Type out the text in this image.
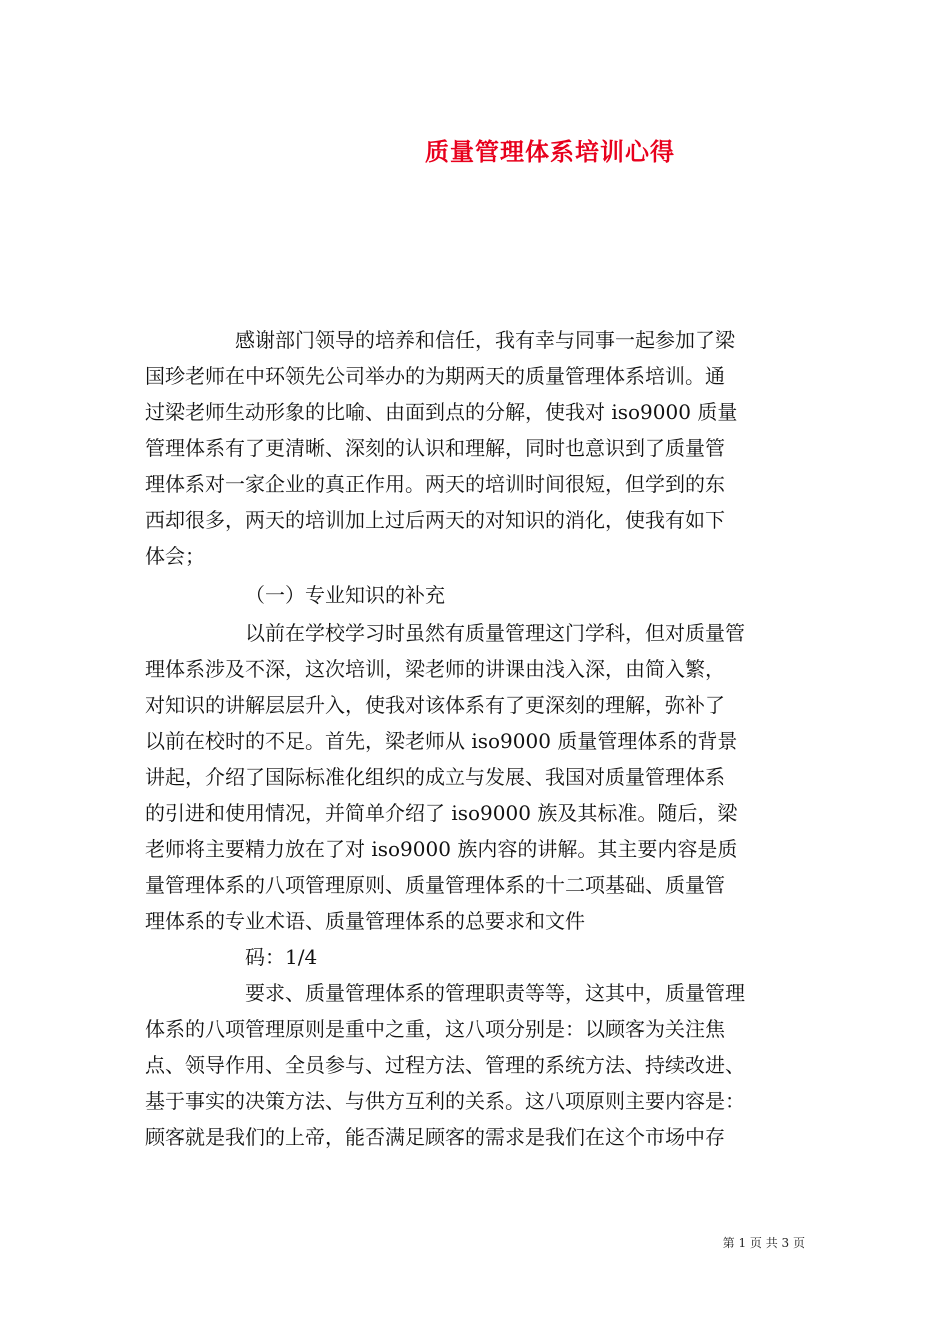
质量管理体系培训心得
感谢部门领导的培养和信任，我有幸与同事一起参加了梁
国珍老师在中环领先公司举办的为期两天的质量管理体系培训。通
过梁老师生动形象的比喻、由面到点的分解，使我对 iso9000 质量
管理体系有了更清晰、深刻的认识和理解，同时也意识到了质量管
理体系对一家企业的真正作用。两天的培训时间很短，但学到的东
西却很多，两天的培训加上过后两天的对知识的消化，使我有如下
体会；
（一）专业知识的补充
以前在学校学习时虽然有质量管理这门学科，但对质量管
理体系涉及不深，这次培训，梁老师的讲课由浅入深，由简入繁，
对知识的讲解层层升入，使我对该体系有了更深刻的理解，弥补了
以前在校时的不足。首先，梁老师从 iso9000 质量管理体系的背景
讲起，介绍了国际标准化组织的成立与发展、我国对质量管理体系
的引进和使用情况，并简单介绍了 iso9000 族及其标准。随后，梁
老师将主要精力放在了对 iso9000 族内容的讲解。其主要内容是质
量管理体系的八项管理原则、质量管理体系的十二项基础、质量管
理体系的专业术语、质量管理体系的总要求和文件
码：1/4
要求、质量管理体系的管理职责等等，这其中，质量管理
体系的八项管理原则是重中之重，这八项分别是：以顾客为关注焦
点、领导作用、全员参与、过程方法、管理的系统方法、持续改进、
基于事实的决策方法、与供方互利的关系。这八项原则主要内容是：
顾客就是我们的上帝，能否满足顾客的需求是我们在这个市场中存
第 1 页 共 3 页
